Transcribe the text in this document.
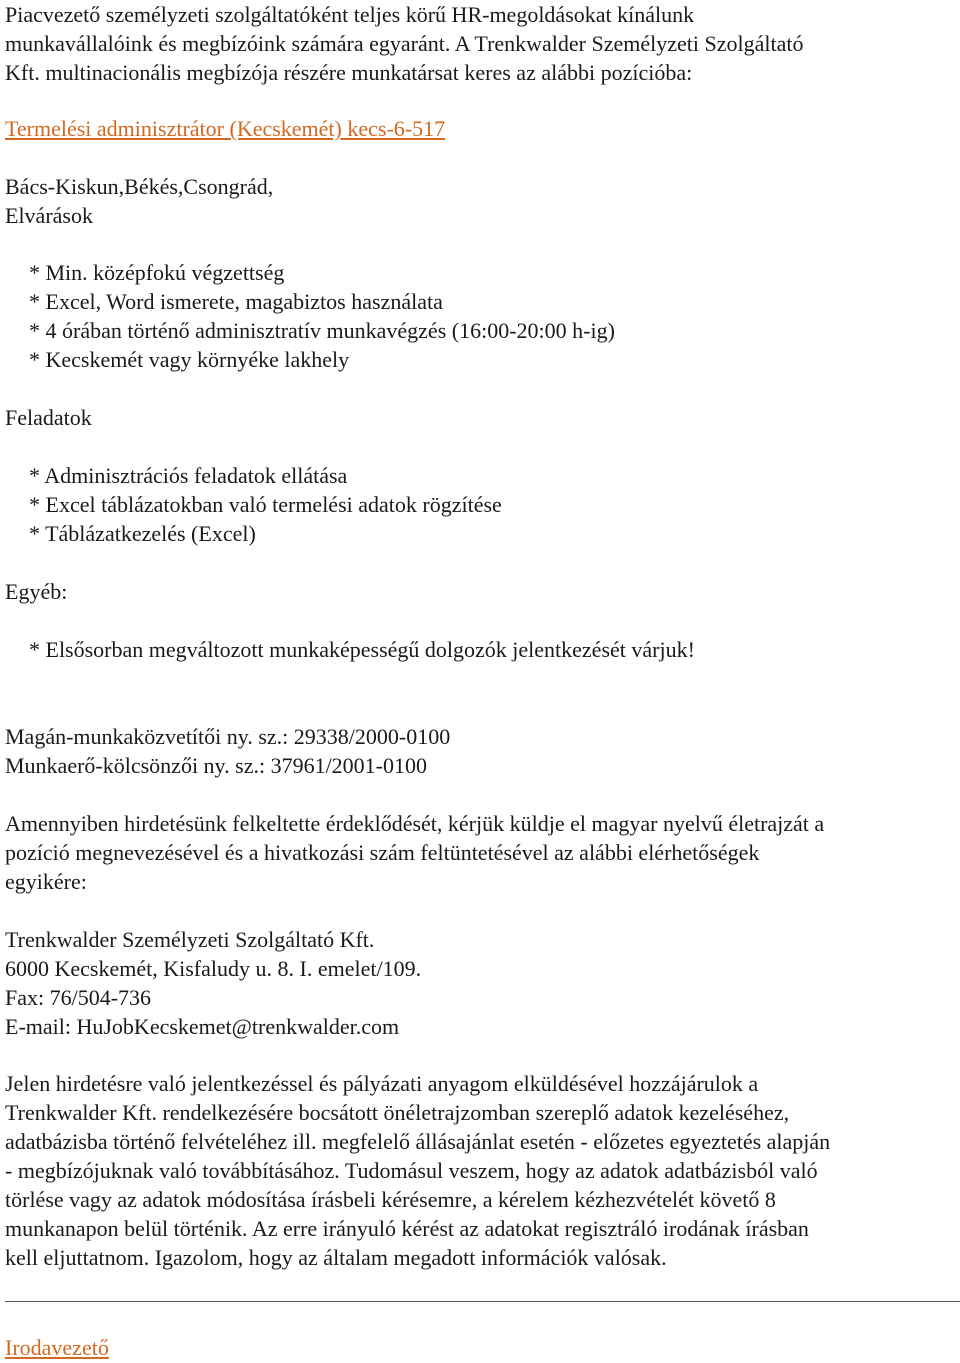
Piacvezető személyzeti szolgáltatóként teljes körű HR-megoldásokat kínálunk
munkavállalóink és megbízóink számára egyaránt. A Trenkwalder Személyzeti Szolgáltató
Kft. multinacionális megbízója részére munkatársat keres az alábbi pozícióba:
Termelési adminisztrátor (Kecskemét) kecs-6-517
Bács-Kiskun,Békés,Csongrád,
Elvárások
* Min. középfokú végzettség
* Excel, Word ismerete, magabiztos használata
* 4 órában történő adminisztratív munkavégzés (16:00-20:00 h-ig)
* Kecskemét vagy környéke lakhely
Feladatok
* Adminisztrációs feladatok ellátása
* Excel táblázatokban való termelési adatok rögzítése
* Táblázatkezelés (Excel)
Egyéb:
* Elsősorban megváltozott munkaképességű dolgozók jelentkezését várjuk!
Magán-munkaközvetítői ny. sz.: 29338/2000-0100
Munkaerő-kölcsönzői ny. sz.: 37961/2001-0100
Amennyiben hirdetésünk felkeltette érdeklődését, kérjük küldje el magyar nyelvű életrajzát a
pozíció megnevezésével és a hivatkozási szám feltüntetésével az alábbi elérhetőségek
egyikére:
Trenkwalder Személyzeti Szolgáltató Kft.
6000 Kecskemét, Kisfaludy u. 8. I. emelet/109.
Fax: 76/504-736
E-mail: HuJobKecskemet@trenkwalder.com
Jelen hirdetésre való jelentkezéssel és pályázati anyagom elküldésével hozzájárulok a
Trenkwalder Kft. rendelkezésére bocsátott önéletrajzomban szereplő adatok kezeléséhez,
adatbázisba történő felvételéhez ill. megfelelő állásajánlat esetén - előzetes egyeztetés alapján
- megbízójuknak való továbbításához. Tudomásul veszem, hogy az adatok adatbázisból való
törlése vagy az adatok módosítása írásbeli kérésemre, a kérelem kézhezvételét követő 8
munkanapon belül történik. Az erre irányuló kérést az adatokat regisztráló irodának írásban
kell eljuttatnom. Igazolom, hogy az általam megadott információk valósak.
Irodavezető
